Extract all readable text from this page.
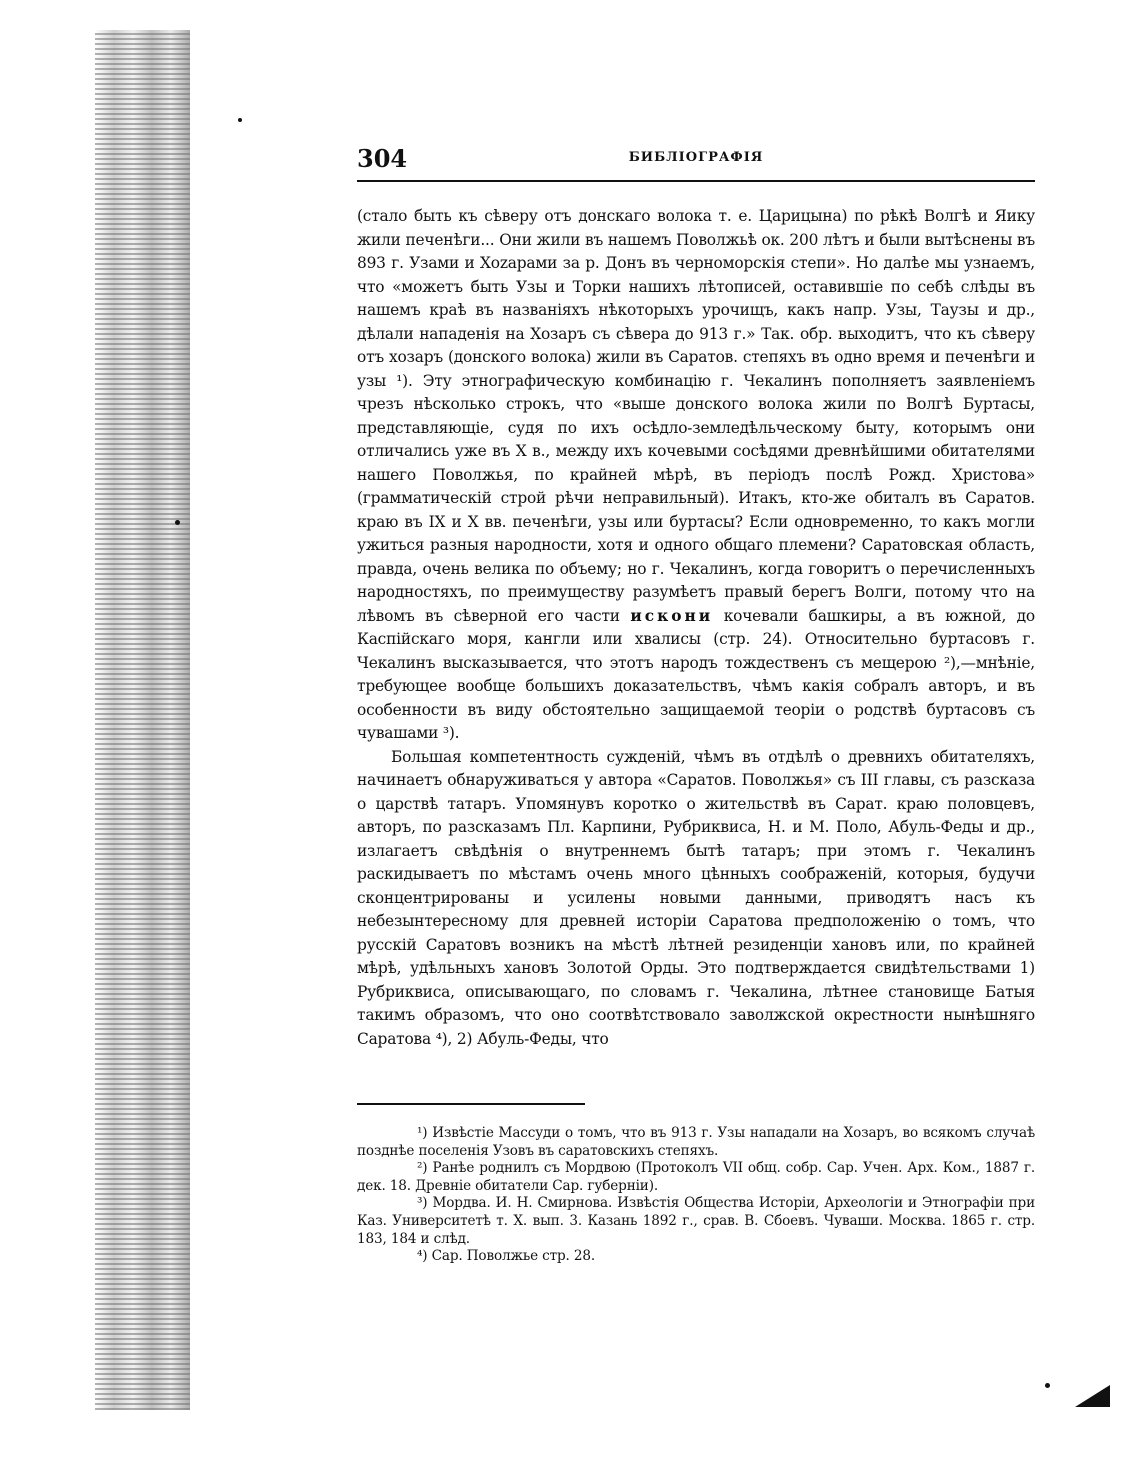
304	БИБЛІОГРАФІЯ

(стало быть къ сѣверу отъ донскаго волока т. е. Царицына) по рѣкѣ Волгѣ и Яику жили печенѣги... Они жили въ нашемъ Поволжьѣ ок. 200 лѣтъ и были вытѣснены въ 893 г. Узами и Хоzарами за р. Донъ въ черноморскія степи». Но далѣе мы узнаемъ, что «можетъ быть Узы и Торки нашихъ лѣтописей, оставившіе по себѣ слѣды въ нашемъ краѣ въ названіяхъ нѣкоторыхъ урочищъ, какъ напр. Узы, Таузы и др., дѣлали нападенія на Хозаръ съ сѣвера до 913 г.» Так. обр. выходитъ, что къ сѣверу отъ хозаръ (донского волока) жили въ Саратов. степяхъ въ одно время и печенѣги и узы ¹). Эту этнографическую комбинацію г. Чекалинъ пополняетъ заявленіемъ чрезъ нѣсколько строкъ, что «выше донского волока жили по Волгѣ Буртасы, представляющіе, судя по ихъ осѣдло-земледѣльческому быту, которымъ они отличались уже въ X в., между ихъ кочевыми сосѣдями древнѣйшими обитателями нашего Поволжья, по крайней мѣрѣ, въ періодъ послѣ Рожд. Христова» (грамматическій строй рѣчи неправильный). Итакъ, кто-же обиталъ въ Саратов. краю въ IX и X вв. печенѣги, узы или буртасы? Если одновременно, то какъ могли ужиться разныя народности, хотя и одного общаго племени? Саратовская область, правда, очень велика по объему; но г. Чекалинъ, когда говоритъ о перечисленныхъ народностяхъ, по преимуществу разумѣетъ правый берегъ Волги, потому что на лѣвомъ въ сѣверной его части искони кочевали башкиры, а въ южной, до Каспійскаго моря, кангли или хвалисы (стр. 24). Относительно буртасовъ г. Чекалинъ высказывается, что этотъ народъ тождественъ съ мещерою ²),—мнѣніе, требующее вообще большихъ доказательствъ, чѣмъ какія собралъ авторъ, и въ особенности въ виду обстоятельно защищаемой теоріи о родствѣ буртасовъ съ чувашами ³).

Большая компетентность сужденій, чѣмъ въ отдѣлѣ о древнихъ обитателяхъ, начинаетъ обнаруживаться у автора «Саратов. Поволжья» съ III главы, съ разсказа о царствѣ татаръ. Упомянувъ коротко о жительствѣ въ Сарат. краю половцевъ, авторъ, по разсказамъ Пл. Карпини, Рубриквиса, Н. и М. Поло, Абуль-Феды и др., излагаетъ свѣдѣнія о внутреннемъ бытѣ татаръ; при этомъ г. Чекалинъ раскидываетъ по мѣстамъ очень много цѣнныхъ соображеній, которыя, будучи сконцентрированы и усилены новыми данными, приводятъ насъ къ небезынтересному для древней исторіи Саратова предположенію о томъ, что русскій Саратовъ возникъ на мѣстѣ лѣтней резиденціи хановъ или, по крайней мѣрѣ, удѣльныхъ хановъ Золотой Орды. Это подтверждается свидѣтельствами 1) Рубриквиса, описывающаго, по словамъ г. Чекалина, лѣтнее становище Батыя такимъ образомъ, что оно соотвѣтствовало заволжской окрестности нынѣшняго Саратова ⁴), 2) Абуль-Феды, что

¹) Извѣстіе Массуди о томъ, что въ 913 г. Узы нападали на Хозаръ, во всякомъ случаѣ позднѣе поселенія Узовъ въ саратовскихъ степяхъ.

²) Ранѣе роднилъ съ Мордвою (Протоколъ VII общ. собр. Сар. Учен. Арх. Ком., 1887 г. дек. 18. Древніе обитатели Сар. губерніи).

³) Мордва. И. Н. Смирнова. Извѣстія Общества Исторіи, Археологіи и Этнографіи при Каз. Университетѣ т. X. вып. 3. Казань 1892 г., срав. В. Сбоевъ. Чуваши. Москва. 1865 г. стр. 183, 184 и слѣд.

⁴) Сар. Поволжье стр. 28.
